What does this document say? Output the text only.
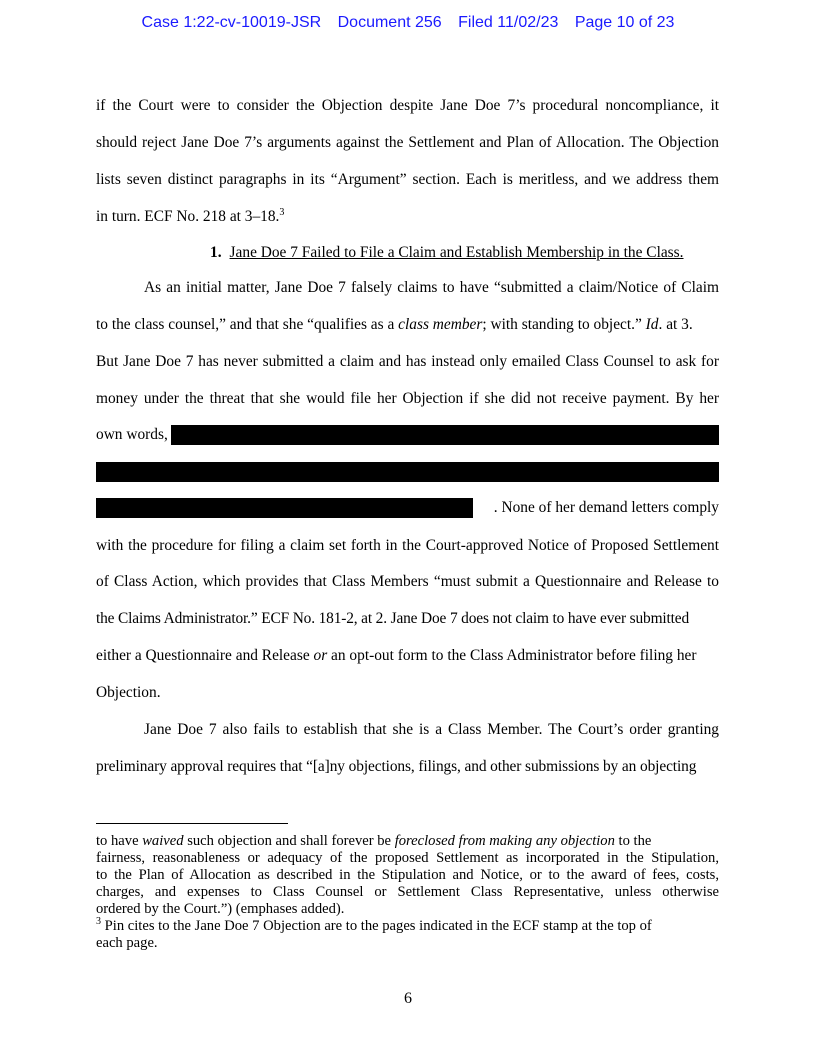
Case 1:22-cv-10019-JSR Document 256 Filed 11/02/23 Page 10 of 23
if the Court were to consider the Objection despite Jane Doe 7’s procedural noncompliance, it
should reject Jane Doe 7’s arguments against the Settlement and Plan of Allocation. The Objection
lists seven distinct paragraphs in its “Argument” section. Each is meritless, and we address them
in turn. ECF No. 218 at 3–18.$^3$
1. Jane Doe 7 Failed to File a Claim and Establish Membership in the Class.
As an initial matter, Jane Doe 7 falsely claims to have “submitted a claim/Notice of Claim
to the class counsel,” and that she “qualifies as a class member; with standing to object.” Id. at 3.
But Jane Doe 7 has never submitted a claim and has instead only emailed Class Counsel to ask for
money under the threat that she would file her Objection if she did not receive payment. By her
own words,
. None of her demand letters comply
with the procedure for filing a claim set forth in the Court-approved Notice of Proposed Settlement
of Class Action, which provides that Class Members “must submit a Questionnaire and Release to
the Claims Administrator.” ECF No. 181-2, at 2. Jane Doe 7 does not claim to have ever submitted
either a Questionnaire and Release or an opt-out form to the Class Administrator before filing her
Objection.
Jane Doe 7 also fails to establish that she is a Class Member. The Court’s order granting
preliminary approval requires that “[a]ny objections, filings, and other submissions by an objecting
to have waived such objection and shall forever be foreclosed from making any objection to the
fairness, reasonableness or adequacy of the proposed Settlement as incorporated in the Stipulation,
to the Plan of Allocation as described in the Stipulation and Notice, or to the award of fees, costs,
charges, and expenses to Class Counsel or Settlement Class Representative, unless otherwise
ordered by the Court.”) (emphases added).
$^3$ Pin cites to the Jane Doe 7 Objection are to the pages indicated in the ECF stamp at the top of
each page.
6
